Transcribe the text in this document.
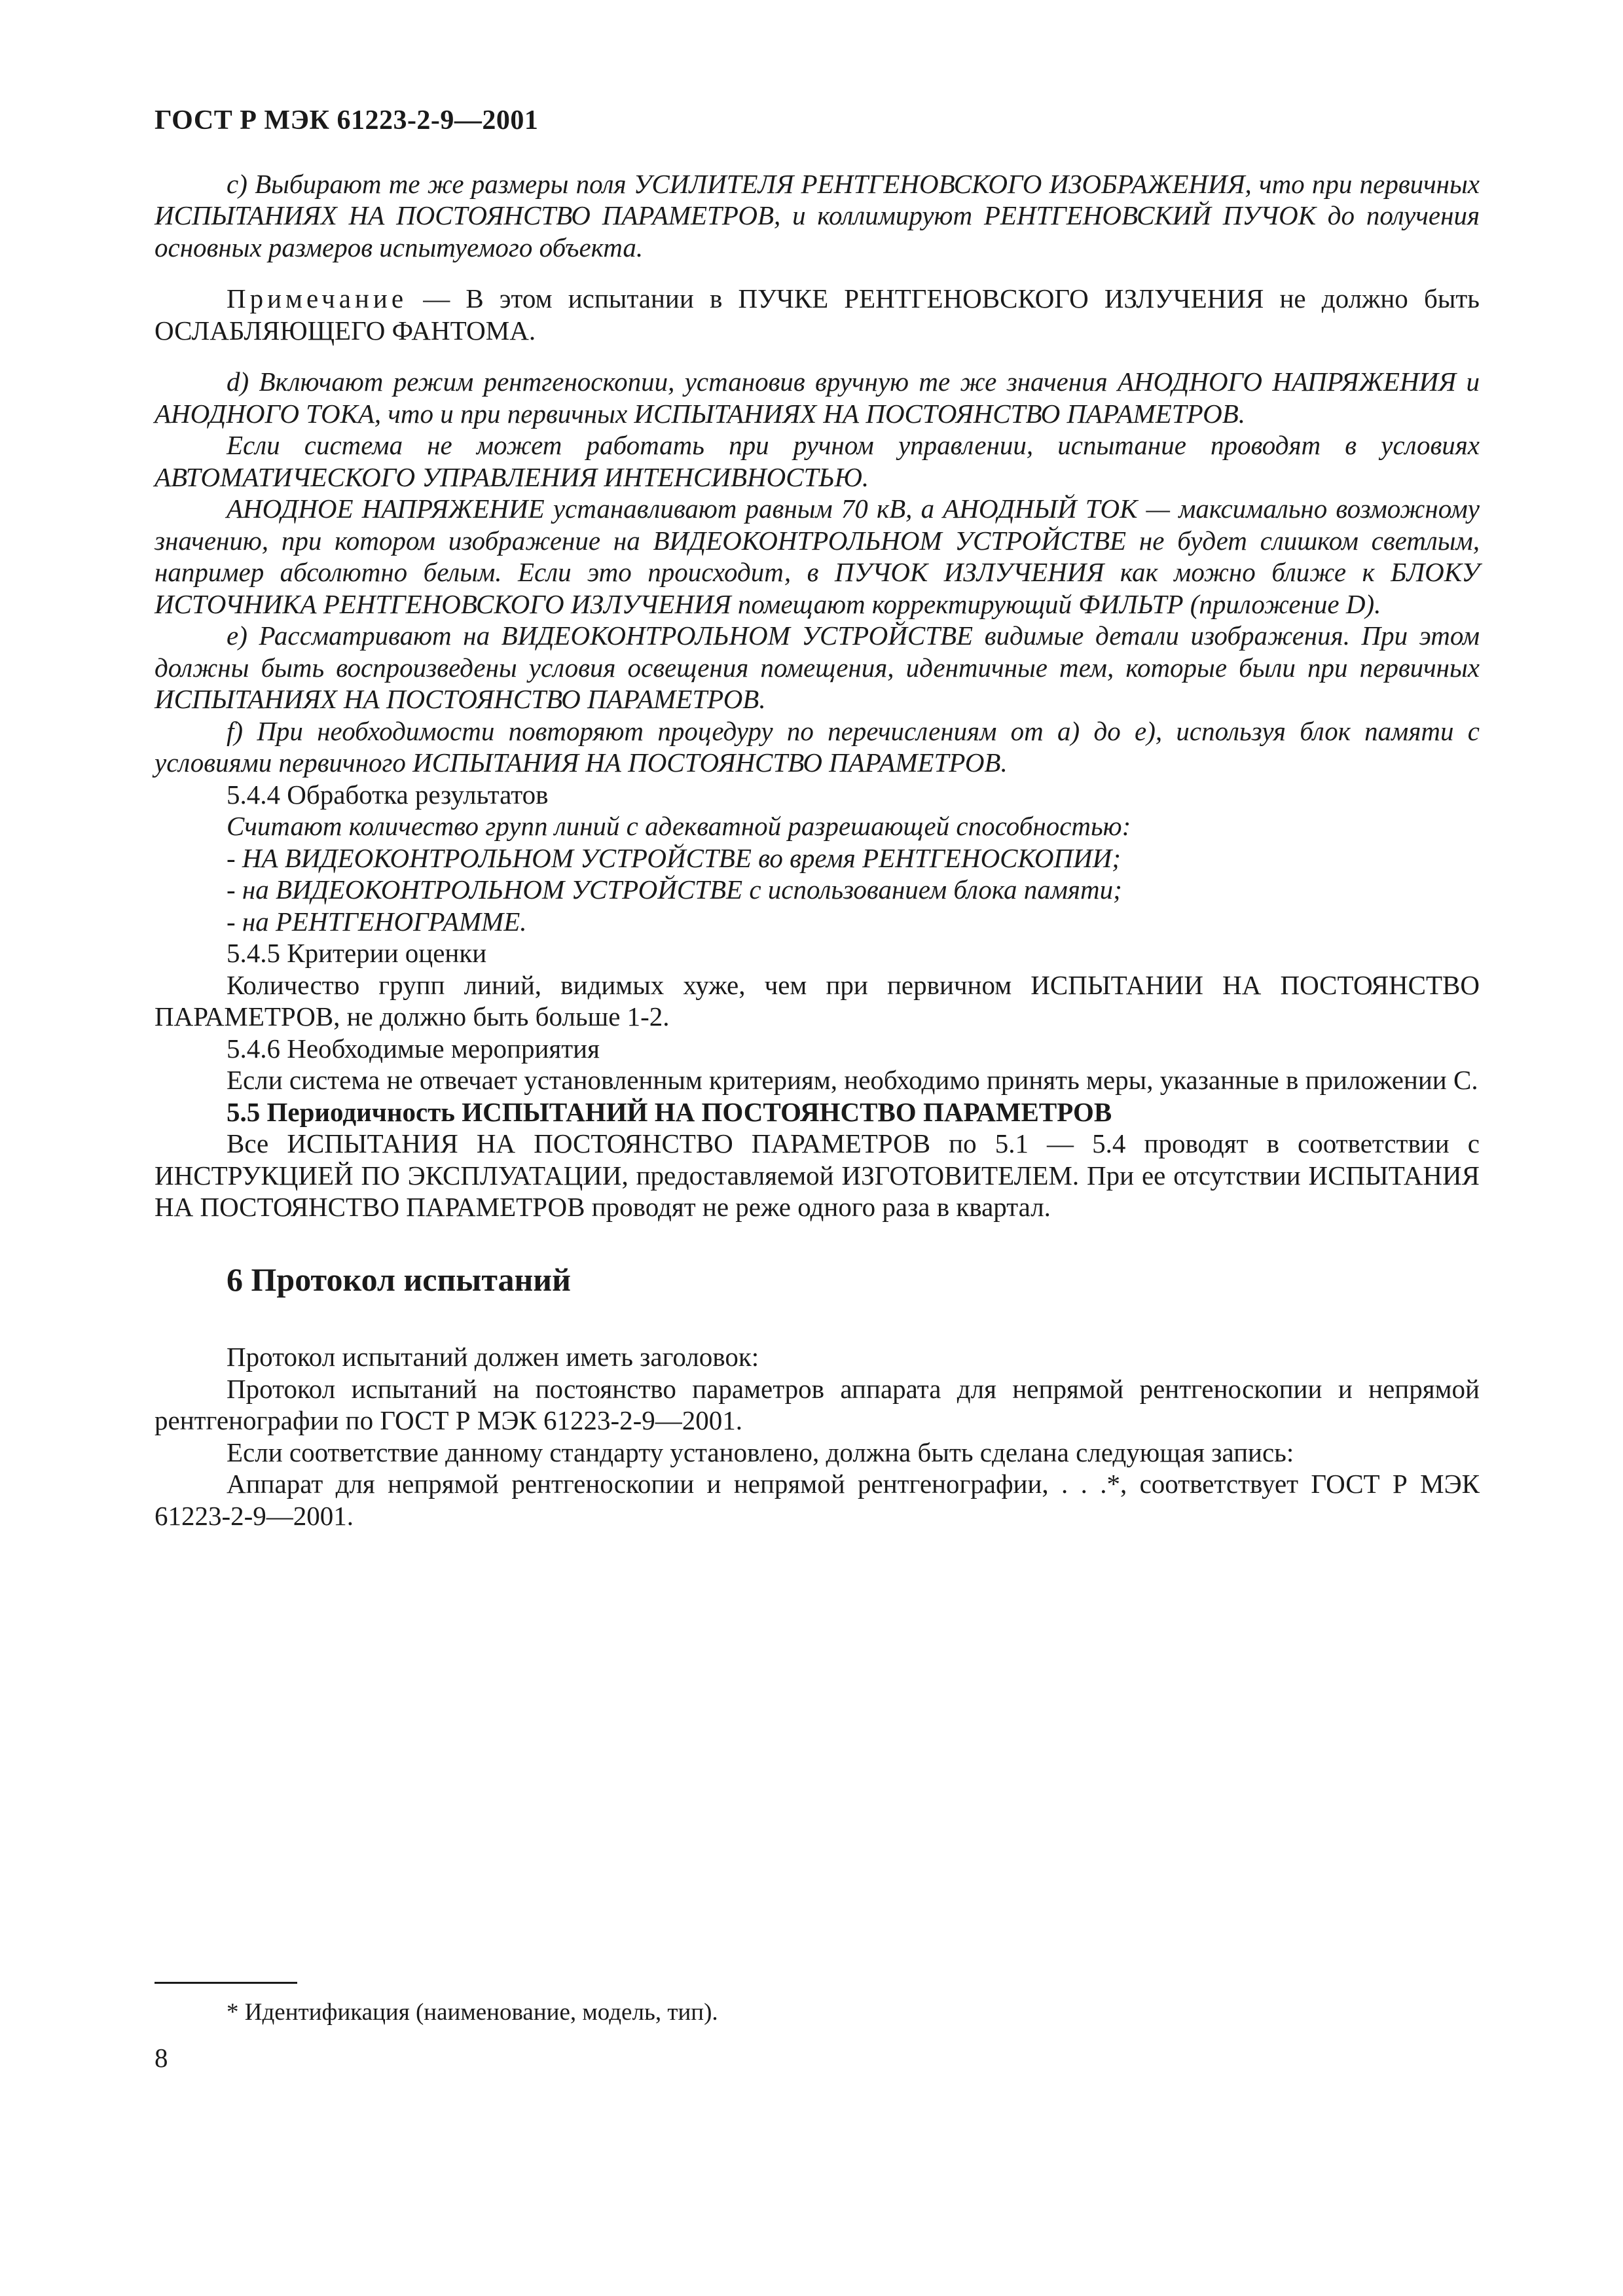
ГОСТ Р МЭК 61223-2-9—2001

c) Выбирают те же размеры поля УСИЛИТЕЛЯ РЕНТГЕНОВСКОГО ИЗОБРАЖЕНИЯ, что при первичных ИСПЫТАНИЯХ НА ПОСТОЯНСТВО ПАРАМЕТРОВ, и коллимируют РЕНТГЕНОВСКИЙ ПУЧОК до получения основных размеров испытуемого объекта.

Примечание — В этом испытании в ПУЧКЕ РЕНТГЕНОВСКОГО ИЗЛУЧЕНИЯ не должно быть ОСЛАБЛЯЮЩЕГО ФАНТОМА.

d) Включают режим рентгеноскопии, установив вручную те же значения АНОДНОГО НАПРЯЖЕНИЯ и АНОДНОГО ТОКА, что и при первичных ИСПЫТАНИЯХ НА ПОСТОЯНСТВО ПАРАМЕТРОВ.

Если система не может работать при ручном управлении, испытание проводят в условиях АВТОМАТИЧЕСКОГО УПРАВЛЕНИЯ ИНТЕНСИВНОСТЬЮ.

АНОДНОЕ НАПРЯЖЕНИЕ устанавливают равным 70 кВ, а АНОДНЫЙ ТОК — максимально возможному значению, при котором изображение на ВИДЕОКОНТРОЛЬНОМ УСТРОЙСТВЕ не будет слишком светлым, например абсолютно белым. Если это происходит, в ПУЧОК ИЗЛУЧЕНИЯ как можно ближе к БЛОКУ ИСТОЧНИКА РЕНТГЕНОВСКОГО ИЗЛУЧЕНИЯ помещают корректирующий ФИЛЬТР (приложение D).

e) Рассматривают на ВИДЕОКОНТРОЛЬНОМ УСТРОЙСТВЕ видимые детали изображения. При этом должны быть воспроизведены условия освещения помещения, идентичные тем, которые были при первичных ИСПЫТАНИЯХ НА ПОСТОЯНСТВО ПАРАМЕТРОВ.

f) При необходимости повторяют процедуру по перечислениям от a) до e), используя блок памяти с условиями первичного ИСПЫТАНИЯ НА ПОСТОЯНСТВО ПАРАМЕТРОВ.

5.4.4 Обработка результатов

Считают количество групп линий с адекватной разрешающей способностью:

- НА ВИДЕОКОНТРОЛЬНОМ УСТРОЙСТВЕ во время РЕНТГЕНОСКОПИИ;

- на ВИДЕОКОНТРОЛЬНОМ УСТРОЙСТВЕ с использованием блока памяти;

- на РЕНТГЕНОГРАММЕ.

5.4.5 Критерии оценки

Количество групп линий, видимых хуже, чем при первичном ИСПЫТАНИИ НА ПОСТОЯНСТВО ПАРАМЕТРОВ, не должно быть больше 1-2.

5.4.6 Необходимые мероприятия

Если система не отвечает установленным критериям, необходимо принять меры, указанные в приложении С.

5.5 Периодичность ИСПЫТАНИЙ НА ПОСТОЯНСТВО ПАРАМЕТРОВ

Все ИСПЫТАНИЯ НА ПОСТОЯНСТВО ПАРАМЕТРОВ по 5.1 — 5.4 проводят в соответствии с ИНСТРУКЦИЕЙ ПО ЭКСПЛУАТАЦИИ, предоставляемой ИЗГОТОВИТЕЛЕМ. При ее отсутствии ИСПЫТАНИЯ НА ПОСТОЯНСТВО ПАРАМЕТРОВ проводят не реже одного раза в квартал.

6 Протокол испытаний

Протокол испытаний должен иметь заголовок:

Протокол испытаний на постоянство параметров аппарата для непрямой рентгеноскопии и непрямой рентгенографии по ГОСТ Р МЭК 61223-2-9—2001.

Если соответствие данному стандарту установлено, должна быть сделана следующая запись:

Аппарат для непрямой рентгеноскопии и непрямой рентгенографии, . . .*, соответствует ГОСТ Р МЭК 61223-2-9—2001.

* Идентификация (наименование, модель, тип).
8
